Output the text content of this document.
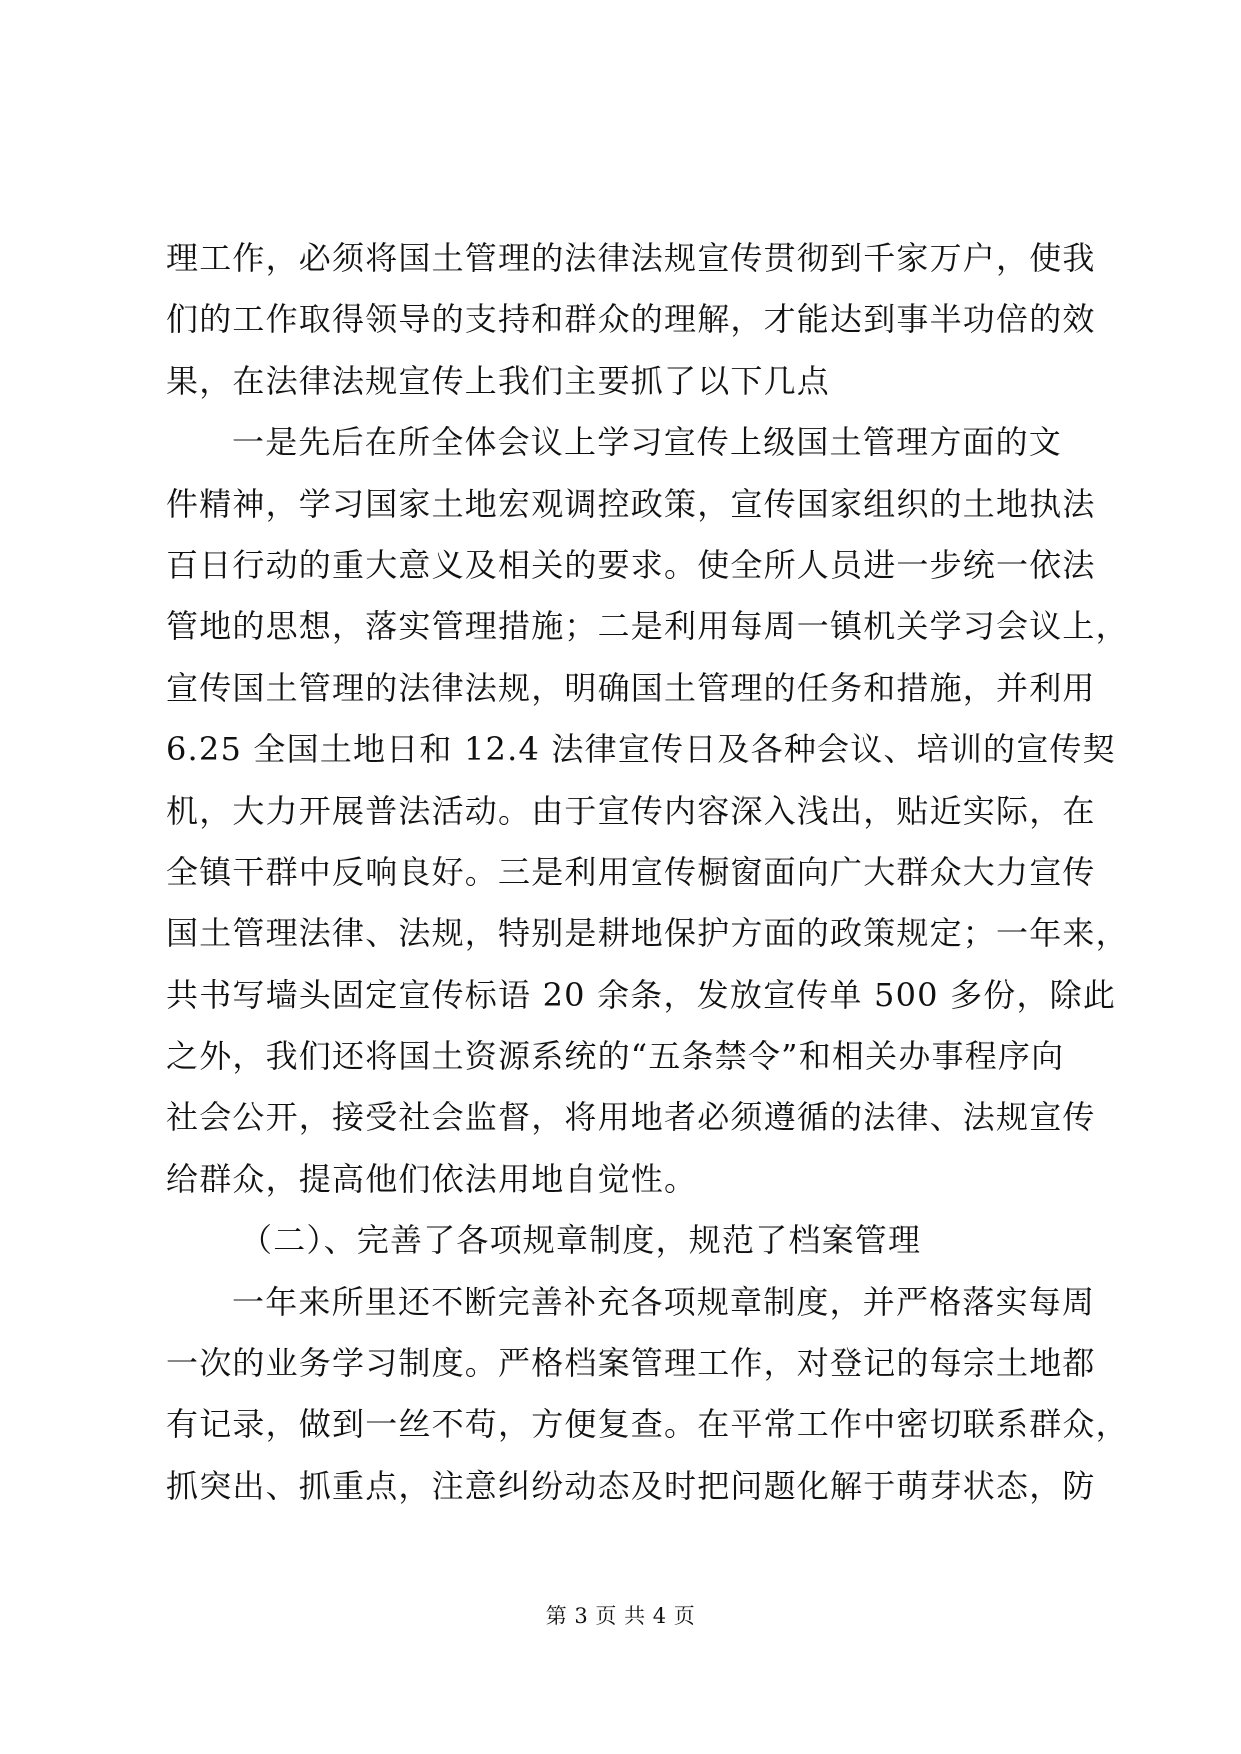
理工作，必须将国土管理的法律法规宣传贯彻到千家万户，使我
们的工作取得领导的支持和群众的理解，才能达到事半功倍的效
果，在法律法规宣传上我们主要抓了以下几点
一是先后在所全体会议上学习宣传上级国土管理方面的文
件精神，学习国家土地宏观调控政策，宣传国家组织的土地执法
百日行动的重大意义及相关的要求。使全所人员进一步统一依法
管地的思想，落实管理措施；二是利用每周一镇机关学习会议上，
宣传国土管理的法律法规，明确国土管理的任务和措施，并利用
6.25 全国土地日和 12.4 法律宣传日及各种会议、培训的宣传契
机，大力开展普法活动。由于宣传内容深入浅出，贴近实际，在
全镇干群中反响良好。三是利用宣传橱窗面向广大群众大力宣传
国土管理法律、法规，特别是耕地保护方面的政策规定；一年来，
共书写墙头固定宣传标语 20 余条，发放宣传单 500 多份，除此
之外，我们还将国土资源系统的“五条禁令”和相关办事程序向
社会公开，接受社会监督，将用地者必须遵循的法律、法规宣传
给群众，提高他们依法用地自觉性。
（二）、完善了各项规章制度，规范了档案管理
一年来所里还不断完善补充各项规章制度，并严格落实每周
一次的业务学习制度。严格档案管理工作，对登记的每宗土地都
有记录，做到一丝不苟，方便复查。在平常工作中密切联系群众，
抓突出、抓重点，注意纠纷动态及时把问题化解于萌芽状态，防
第 3 页 共 4 页
